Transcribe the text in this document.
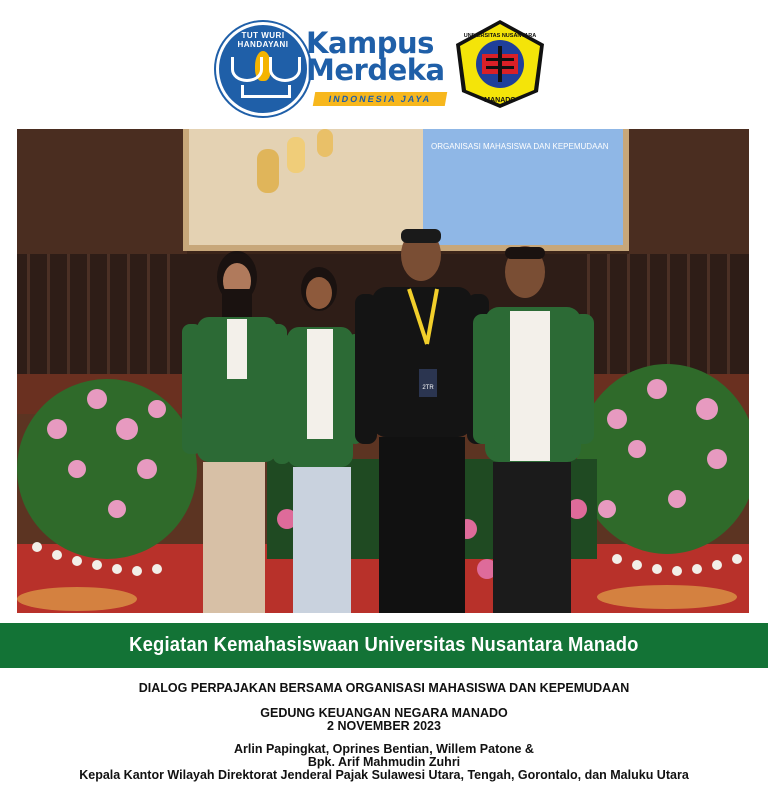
TUT WURI HANDAYANI Kampus
Merdeka
INDONESIA JAYA	MANADO
UNIVERSITAS NUSANTARA
ORGANISASI MAHASISWA DAN KEPEMUDAAN
2TR
Kegiatan Kemahasiswaan Universitas Nusantara Manado
DIALOG PERPAJAKAN BERSAMA ORGANISASI MAHASISWA DAN KEPEMUDAAN
GEDUNG KEUANGAN NEGARA MANADO
2 NOVEMBER 2023
Arlin Papingkat, Oprines Bentian, Willem Patone &
Bpk. Arif Mahmudin Zuhri
Kepala Kantor Wilayah Direktorat Jenderal Pajak Sulawesi Utara, Tengah, Gorontalo, dan Maluku Utara
